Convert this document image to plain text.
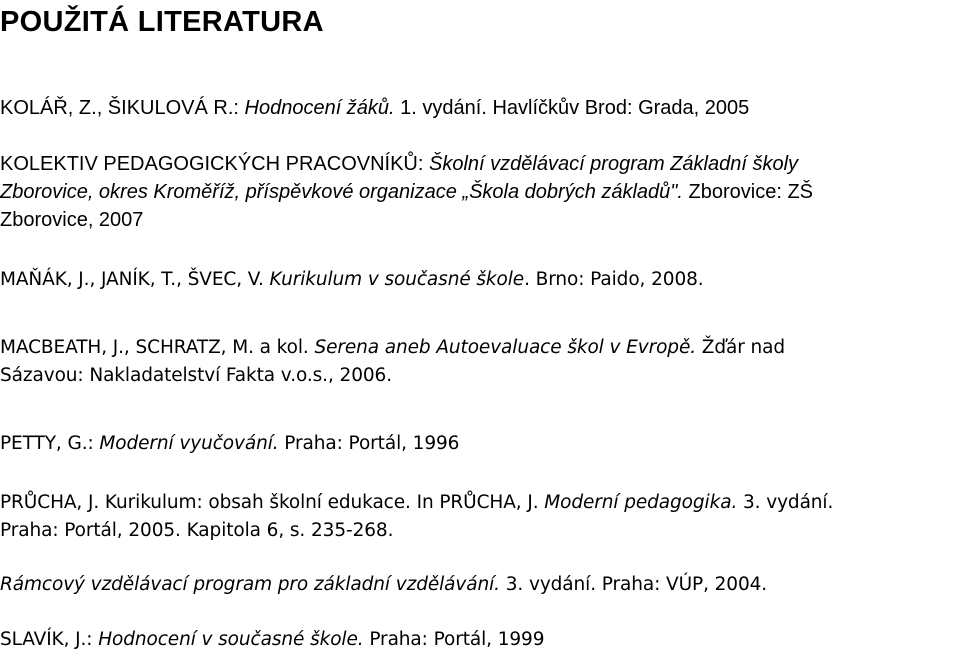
POUŽITÁ LITERATURA

KOLÁŘ, Z., ŠIKULOVÁ R.: Hodnocení žáků. 1. vydání. Havlíčkův Brod: Grada, 2005

KOLEKTIV PEDAGOGICKÝCH PRACOVNÍKŮ: Školní vzdělávací program Základní školy
Zborovice, okres Kroměříž, příspěvkové organizace „Škola dobrých základů". Zborovice: ZŠ
Zborovice, 2007

MAŇÁK, J., JANÍK, T., ŠVEC, V. Kurikulum v současné škole. Brno: Paido, 2008.

MACBEATH, J., SCHRATZ, M. a kol. Serena aneb Autoevaluace škol v Evropě. Žďár nad
Sázavou: Nakladatelství Fakta v.o.s., 2006.

PETTY, G.: Moderní vyučování. Praha: Portál, 1996

PRŮCHA, J. Kurikulum: obsah školní edukace. In PRŮCHA, J. Moderní pedagogika. 3. vydání.
Praha: Portál, 2005. Kapitola 6, s. 235-268.

Rámcový vzdělávací program pro základní vzdělávání. 3. vydání. Praha: VÚP, 2004.

SLAVÍK, J.: Hodnocení v současné škole. Praha: Portál, 1999
